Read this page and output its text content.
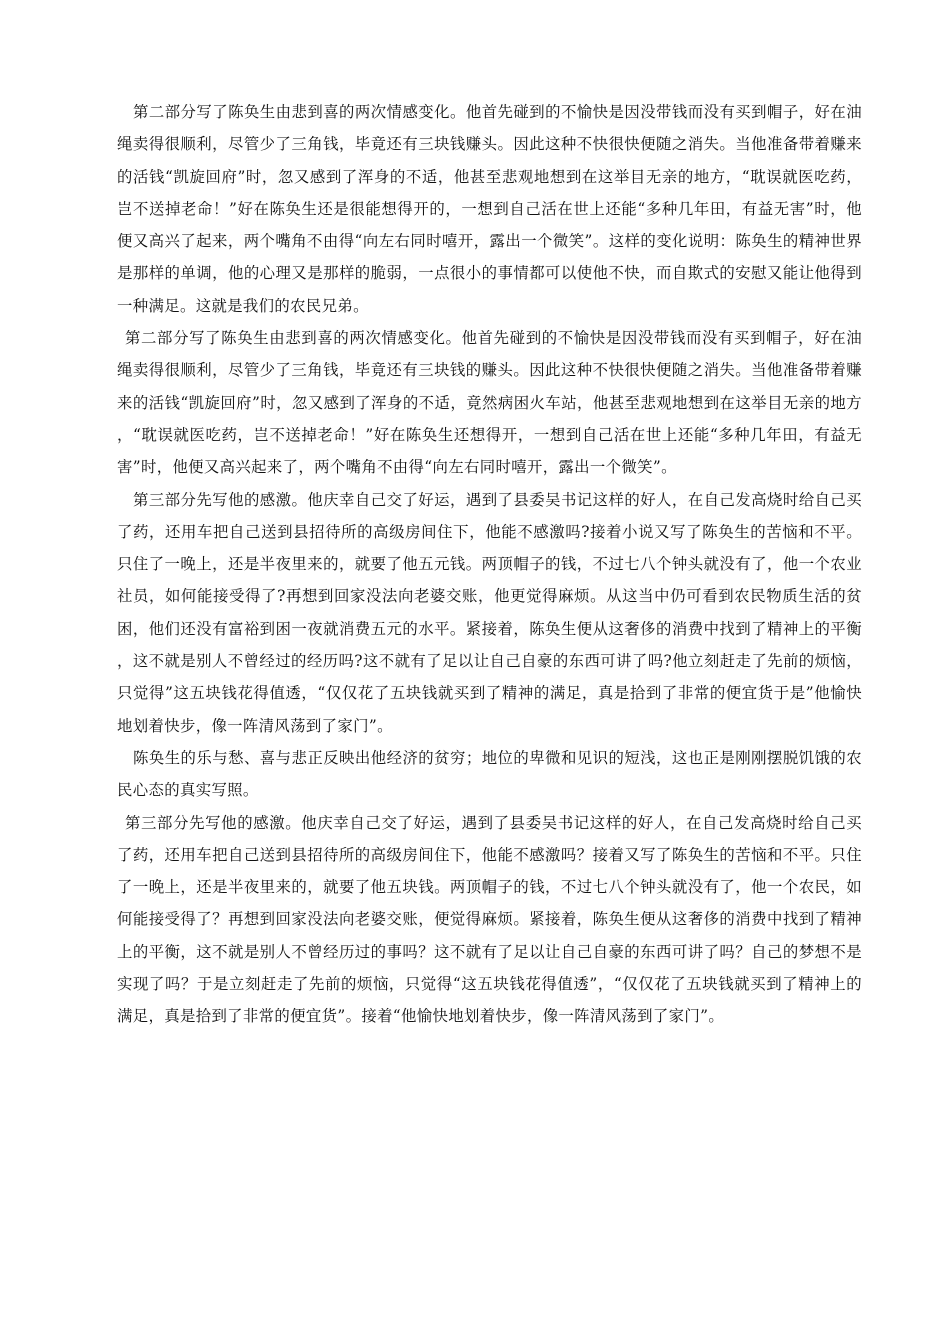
第二部分写了陈奂生由悲到喜的两次情感变化。他首先碰到的不愉快是因没带钱而没有买到帽子，好在油绳卖得很顺利，尽管少了三角钱，毕竟还有三块钱赚头。因此这种不快很快便随之消失。当他准备带着赚来的活钱“凯旋回府”时，忽又感到了浑身的不适，他甚至悲观地想到在这举目无亲的地方，“耽误就医吃药，岂不送掉老命！”好在陈奂生还是很能想得开的，一想到自己活在世上还能“多种几年田，有益无害”时，他便又高兴了起来，两个嘴角不由得“向左右同时嘻开，露出一个微笑”。这样的变化说明：陈奂生的精神世界是那样的单调，他的心理又是那样的脆弱，一点很小的事情都可以使他不快，而自欺式的安慰又能让他得到一种满足。这就是我们的农民兄弟。

第二部分写了陈奂生由悲到喜的两次情感变化。他首先碰到的不愉快是因没带钱而没有买到帽子，好在油绳卖得很顺利，尽管少了三角钱，毕竟还有三块钱的赚头。因此这种不快很快便随之消失。当他准备带着赚来的活钱“凯旋回府”时，忽又感到了浑身的不适，竟然病困火车站，他甚至悲观地想到在这举目无亲的地方，“耽误就医吃药，岂不送掉老命！”好在陈奂生还想得开，一想到自己活在世上还能“多种几年田，有益无害”时，他便又高兴起来了，两个嘴角不由得“向左右同时嘻开，露出一个微笑”。

第三部分先写他的感激。他庆幸自己交了好运，遇到了县委吴书记这样的好人，在自己发高烧时给自己买了药，还用车把自己送到县招待所的高级房间住下，他能不感激吗?接着小说又写了陈奂生的苦恼和不平。只住了一晚上，还是半夜里来的，就要了他五元钱。两顶帽子的钱，不过七八个钟头就没有了，他一个农业社员，如何能接受得了?再想到回家没法向老婆交账，他更觉得麻烦。从这当中仍可看到农民物质生活的贫困，他们还没有富裕到困一夜就消费五元的水平。紧接着，陈奂生便从这奢侈的消费中找到了精神上的平衡，这不就是别人不曾经过的经历吗?这不就有了足以让自己自豪的东西可讲了吗?他立刻赶走了先前的烦恼，只觉得”这五块钱花得值透，“仅仅花了五块钱就买到了精神的满足，真是拾到了非常的便宜货于是”他愉快地划着快步，像一阵清风荡到了家门”。

陈奂生的乐与愁、喜与悲正反映出他经济的贫穷；地位的卑微和见识的短浅，这也正是刚刚摆脱饥饿的农民心态的真实写照。

第三部分先写他的感激。他庆幸自己交了好运，遇到了县委吴书记这样的好人，在自己发高烧时给自己买了药，还用车把自己送到县招待所的高级房间住下，他能不感激吗？接着又写了陈奂生的苦恼和不平。只住了一晚上，还是半夜里来的，就要了他五块钱。两顶帽子的钱，不过七八个钟头就没有了，他一个农民，如何能接受得了？再想到回家没法向老婆交账，便觉得麻烦。紧接着，陈奂生便从这奢侈的消费中找到了精神上的平衡，这不就是别人不曾经历过的事吗？这不就有了足以让自己自豪的东西可讲了吗？自己的梦想不是实现了吗？于是立刻赶走了先前的烦恼，只觉得“这五块钱花得值透”，“仅仅花了五块钱就买到了精神上的满足，真是拾到了非常的便宜货”。接着“他愉快地划着快步，像一阵清风荡到了家门”。
